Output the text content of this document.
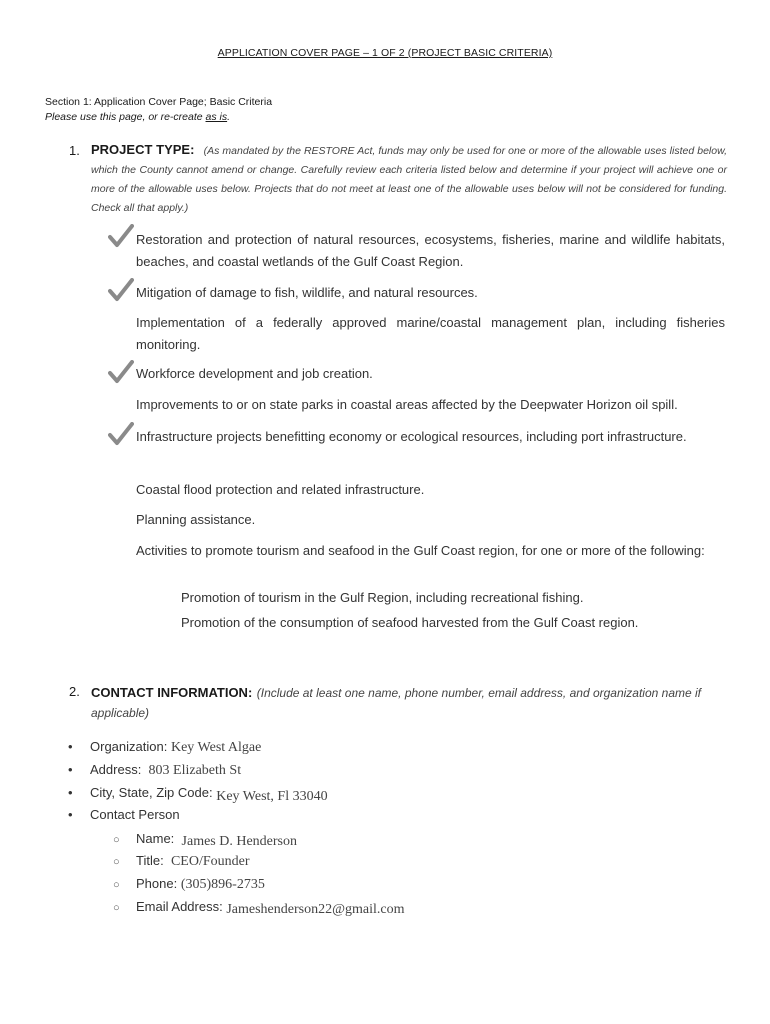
APPLICATION COVER PAGE – 1 OF 2 (PROJECT BASIC CRITERIA)
Section 1: Application Cover Page; Basic Criteria
Please use this page, or re-create as is.
1. PROJECT TYPE: (As mandated by the RESTORE Act, funds may only be used for one or more of the allowable uses listed below, which the County cannot amend or change. Carefully review each criteria listed below and determine if your project will achieve one or more of the allowable uses below. Projects that do not meet at least one of the allowable uses below will not be considered for funding. Check all that apply.)
Restoration and protection of natural resources, ecosystems, fisheries, marine and wildlife habitats, beaches, and coastal wetlands of the Gulf Coast Region.
Mitigation of damage to fish, wildlife, and natural resources.
Implementation of a federally approved marine/coastal management plan, including fisheries monitoring.
Workforce development and job creation.
Improvements to or on state parks in coastal areas affected by the Deepwater Horizon oil spill.
Infrastructure projects benefitting economy or ecological resources, including port infrastructure.
Coastal flood protection and related infrastructure.
Planning assistance.
Activities to promote tourism and seafood in the Gulf Coast region, for one or more of the following:
Promotion of tourism in the Gulf Region, including recreational fishing.
Promotion of the consumption of seafood harvested from the Gulf Coast region.
2. CONTACT INFORMATION: (Include at least one name, phone number, email address, and organization name if applicable)
• Organization: Key West Algae
• Address: 803 Elizabeth St
• City, State, Zip Code: Key West, Fl 33040
• Contact Person
○ Name: James D. Henderson
○ Title: CEO/Founder
○ Phone: (305)896-2735
○ Email Address: Jameshenderson22@gmail.com
